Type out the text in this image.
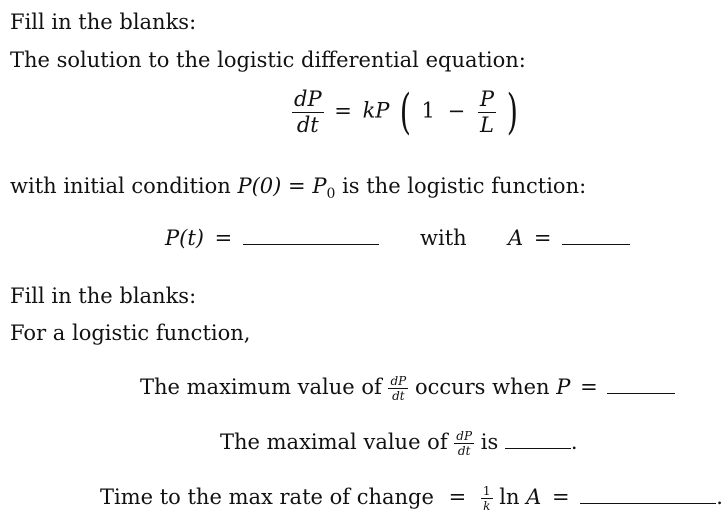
Fill in the blanks:
The solution to the logistic differential equation:
$\frac{dP}{dt}$ = kP ( $1 - \frac{P}{L}$ )
with initial condition $P(0) = P_0$ is the logistic function:
P(t) =	with A =
Fill in the blanks:
For a logistic function,
The maximum value of $\frac{dP}{dt}$ occurs when P =
The maximal value of $\frac{dP}{dt}$ is	.
Time to the max rate of change = $\frac{1}{k}$ ln A =	.
